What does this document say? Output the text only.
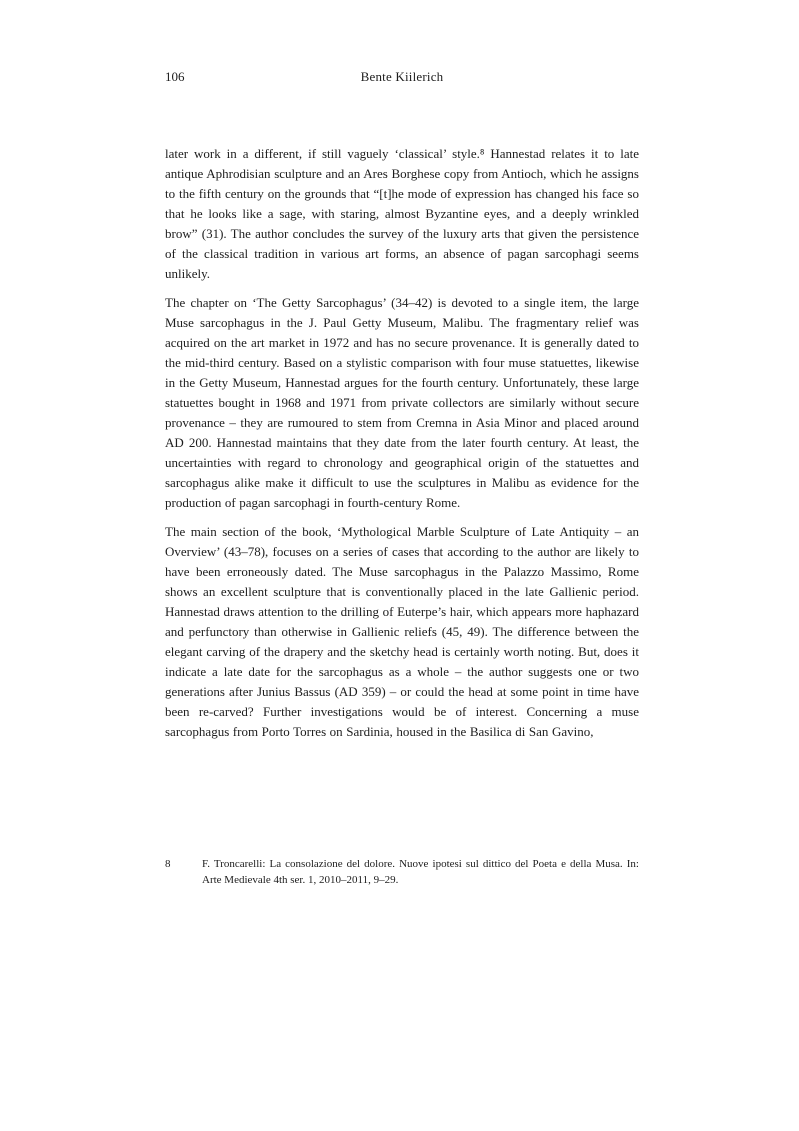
106	Bente Kiilerich

later work in a different, if still vaguely ‘classical’ style.⁸ Hannestad relates it to late antique Aphrodisian sculpture and an Ares Borghese copy from Antioch, which he assigns to the fifth century on the grounds that “[t]he mode of expression has changed his face so that he looks like a sage, with staring, almost Byzantine eyes, and a deeply wrinkled brow” (31). The author concludes the survey of the luxury arts that given the persistence of the classical tradition in various art forms, an absence of pagan sarcophagi seems unlikely.

The chapter on ‘The Getty Sarcophagus’ (34–42) is devoted to a single item, the large Muse sarcophagus in the J. Paul Getty Museum, Malibu. The fragmentary relief was acquired on the art market in 1972 and has no secure provenance. It is generally dated to the mid-third century. Based on a stylistic comparison with four muse statuettes, likewise in the Getty Museum, Hannestad argues for the fourth century. Unfortunately, these large statuettes bought in 1968 and 1971 from private collectors are similarly without secure provenance – they are rumoured to stem from Cremna in Asia Minor and placed around AD 200. Hannestad maintains that they date from the later fourth century. At least, the uncertainties with regard to chronology and geographical origin of the statuettes and sarcophagus alike make it difficult to use the sculptures in Malibu as evidence for the production of pagan sarcophagi in fourth-century Rome.

The main section of the book, ‘Mythological Marble Sculpture of Late Antiquity – an Overview’ (43–78), focuses on a series of cases that according to the author are likely to have been erroneously dated. The Muse sarcophagus in the Palazzo Massimo, Rome shows an excellent sculpture that is conventionally placed in the late Gallienic period. Hannestad draws attention to the drilling of Euterpe’s hair, which appears more haphazard and perfunctory than otherwise in Gallienic reliefs (45, 49). The difference between the elegant carving of the drapery and the sketchy head is certainly worth noting. But, does it indicate a late date for the sarcophagus as a whole – the author suggests one or two generations after Junius Bassus (AD 359) – or could the head at some point in time have been re-carved? Further investigations would be of interest. Concerning a muse sarcophagus from Porto Torres on Sardinia, housed in the Basilica di San Gavino,

8	F. Troncarelli: La consolazione del dolore. Nuove ipotesi sul dittico del Poeta e della Musa. In: Arte Medievale 4th ser. 1, 2010–2011, 9–29.
